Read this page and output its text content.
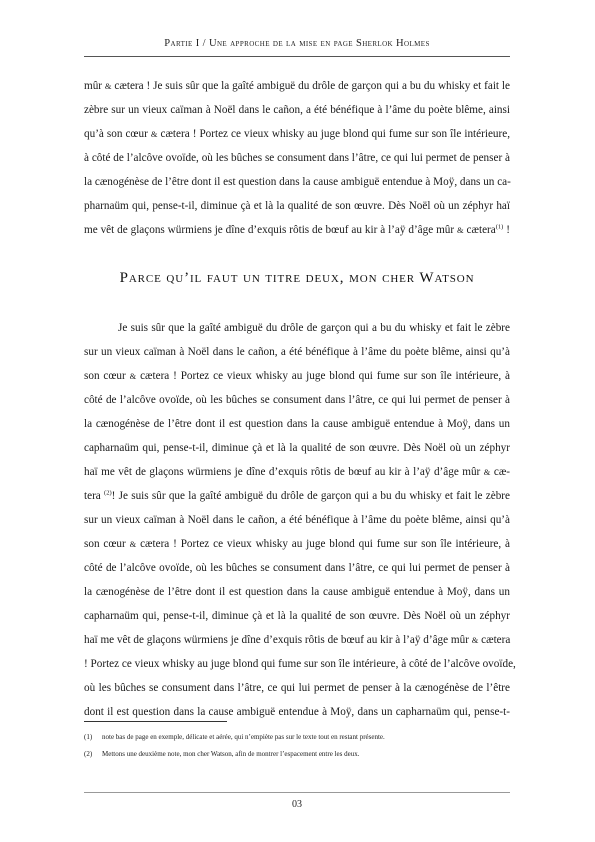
Partie I / Une approche de la mise en page Sherlok Holmes
mûr & cætera ! Je suis sûr que la gaîté ambiguë du drôle de garçon qui a bu du whisky et fait le
zèbre sur un vieux caïman à Noël dans le cañon, a été bénéfique à l’âme du poète blême, ainsi
qu’à son cœur & cætera ! Portez ce vieux whisky au juge blond qui fume sur son île intérieure,
à côté de l’alcôve ovoïde, où les bûches se consument dans l’âtre, ce qui lui permet de penser à
la cænogénèse de l’être dont il est question dans la cause ambiguë entendue à Moÿ, dans un ca-
pharnaüm qui, pense-t-il, diminue çà et là la qualité de son œuvre. Dès Noël où un zéphyr haï
me vêt de glaçons würmiens je dîne d’exquis rôtis de bœuf au kir à l’aÿ d’âge mûr & cætera$^{(1)}$ !
Parce qu’il faut un titre deux, mon cher Watson
Je suis sûr que la gaîté ambiguë du drôle de garçon qui a bu du whisky et fait le zèbre
sur un vieux caïman à Noël dans le cañon, a été bénéfique à l’âme du poète blême, ainsi qu’à
son cœur & cætera ! Portez ce vieux whisky au juge blond qui fume sur son île intérieure, à
côté de l’alcôve ovoïde, où les bûches se consument dans l’âtre, ce qui lui permet de penser à
la cænogénèse de l’être dont il est question dans la cause ambiguë entendue à Moÿ, dans un
capharnaüm qui, pense-t-il, diminue çà et là la qualité de son œuvre. Dès Noël où un zéphyr
haï me vêt de glaçons würmiens je dîne d’exquis rôtis de bœuf au kir à l’aÿ d’âge mûr & cæ-
tera $^{(2)}$! Je suis sûr que la gaîté ambiguë du drôle de garçon qui a bu du whisky et fait le zèbre
sur un vieux caïman à Noël dans le cañon, a été bénéfique à l’âme du poète blême, ainsi qu’à
son cœur & cætera ! Portez ce vieux whisky au juge blond qui fume sur son île intérieure, à
côté de l’alcôve ovoïde, où les bûches se consument dans l’âtre, ce qui lui permet de penser à
la cænogénèse de l’être dont il est question dans la cause ambiguë entendue à Moÿ, dans un
capharnaüm qui, pense-t-il, diminue çà et là la qualité de son œuvre. Dès Noël où un zéphyr
haï me vêt de glaçons würmiens je dîne d’exquis rôtis de bœuf au kir à l’aÿ d’âge mûr & cætera
! Portez ce vieux whisky au juge blond qui fume sur son île intérieure, à côté de l’alcôve ovoïde,
où les bûches se consument dans l’âtre, ce qui lui permet de penser à la cænogénèse de l’être
dont il est question dans la cause ambiguë entendue à Moÿ, dans un capharnaüm qui, pense-t-
(1)	note bas de page en exemple, délicate et aérée, qui n’empiète pas sur le texte tout en restant présente.
(2)	Mettons une deuxième note, mon cher Watson, afin de montrer l’espacement entre les deux.
03
